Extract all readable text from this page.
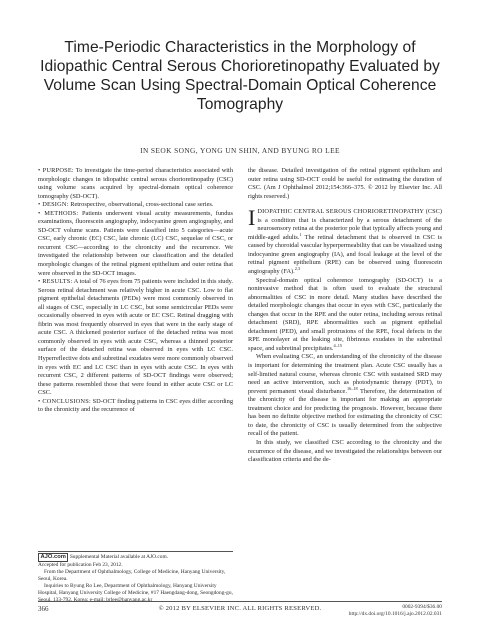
Time-Periodic Characteristics in the Morphology of Idiopathic Central Serous Chorioretinopathy Evaluated by Volume Scan Using Spectral-Domain Optical Coherence Tomography
IN SEOK SONG, YONG UN SHIN, AND BYUNG RO LEE

• PURPOSE: To investigate the time-period characteristics associated with morphologic changes in idiopathic central serous chorioretinopathy (CSC) using volume scans acquired by spectral-domain optical coherence tomography (SD-OCT).

• DESIGN: Retrospective, observational, cross-sectional case series.

• METHODS: Patients underwent visual acuity measurements, fundus examinations, fluorescein angiography, indocyanine green angiography, and SD-OCT volume scans. Patients were classified into 5 categories—acute CSC, early chronic (EC) CSC, late chronic (LC) CSC, sequelae of CSC, or recurrent CSC—according to the chronicity and the recurrence. We investigated the relationship between our classification and the detailed morphologic changes of the retinal pigment epithelium and outer retina that were observed in the SD-OCT images.

• RESULTS: A total of 76 eyes from 75 patients were included in this study. Serous retinal detachment was relatively higher in acute CSC. Low to flat pigment epithelial detachments (PEDs) were most commonly observed in all stages of CSC, especially in LC CSC, but some semicircular PEDs were occasionally observed in eyes with acute or EC CSC. Retinal dragging with fibrin was most frequently observed in eyes that were in the early stage of acute CSC. A thickened posterior surface of the detached retina was most commonly observed in eyes with acute CSC, whereas a thinned posterior surface of the detached retina was observed in eyes with LC CSC. Hyperreflective dots and subretinal exudates were more commonly observed in eyes with EC and LC CSC than in eyes with acute CSC. In eyes with recurrent CSC, 2 different patterns of SD-OCT findings were observed; these patterns resembled those that were found in either acute CSC or LC CSC.

• CONCLUSIONS: SD-OCT finding patterns in CSC eyes differ according to the chronicity and the recurrence of

AJO.com Supplemental Material available at AJO.com.

Accepted for publication Feb 23, 2012.

From the Department of Ophthalmology, College of Medicine, Hanyang University, Seoul, Korea.

Inquiries to Byung Ro Lee, Department of Ophthalmology, Hanyang University Hospital, Hanyang University College of Medicine, #17 Haengdang-dong, Seongdong-gu, Seoul, 133-792, Korea; e-mail: brlee@hanyang.ac.kr

the disease. Detailed investigation of the retinal pigment epithelium and outer retina using SD-OCT could be useful for estimating the duration of CSC. (Am J Ophthalmol 2012;154:366–375. © 2012 by Elsevier Inc. All rights reserved.)

IDIOPATHIC CENTRAL SEROUS CHORIORETINOPATHY (CSC) is a condition that is characterized by a serous detachment of the neurosensory retina at the posterior pole that typically affects young and middle-aged adults.$^1$ The retinal detachment that is observed in CSC is caused by choroidal vascular hyperpermeability that can be visualized using indocyanine green angiography (IA), and focal leakage at the level of the retinal pigment epithelium (RPE) can be observed using fluorescein angiography (FA).$^{2,3}$

Spectral-domain optical coherence tomography (SD-OCT) is a noninvasive method that is often used to evaluate the structural abnormalities of CSC in more detail. Many studies have described the detailed morphologic changes that occur in eyes with CSC, particularly the changes that occur in the RPE and the outer retina, including serous retinal detachment (SRD), RPE abnormalities such as pigment epithelial detachment (PED), and small protrusions of the RPE, focal defects in the RPE monolayer at the leaking site, fibrinous exudates in the subretinal space, and subretinal precipitates.$^{4-15}$

When evaluating CSC, an understanding of the chronicity of the disease is important for determining the treatment plan. Acute CSC usually has a self-limited natural course, whereas chronic CSC with sustained SRD may need an active intervention, such as photodynamic therapy (PDT), to prevent permanent visual disturbance.$^{16-18}$ Therefore, the determination of the chronicity of the disease is important for making an appropriate treatment choice and for predicting the prognosis. However, because there has been no definite objective method for estimating the chronicity of CSC to date, the chronicity of CSC is usually determined from the subjective recall of the patient.

In this study, we classified CSC according to the chronicity and the recurrence of the disease, and we investigated the relationships between our classification criteria and the de-

366	© 2012 BY ELSEVIER INC. ALL RIGHTS RESERVED.	0002-9394/$36.00
http://dx.doi.org/10.1016/j.ajo.2012.02.031
